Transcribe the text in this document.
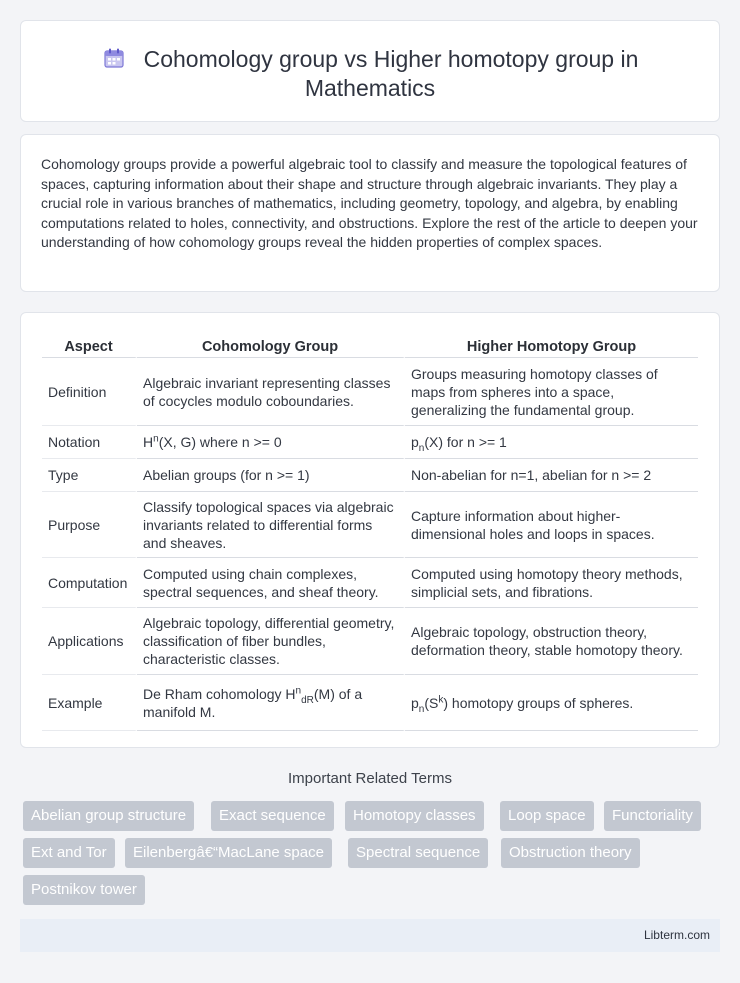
Cohomology group vs Higher homotopy group in
Mathematics

Cohomology groups provide a powerful algebraic tool to classify and measure the topological features of spaces, capturing information about their shape and structure through algebraic invariants. They play a crucial role in various branches of mathematics, including geometry, topology, and algebra, by enabling computations related to holes, connectivity, and obstructions. Explore the rest of the article to deepen your understanding of how cohomology groups reveal the hidden properties of complex spaces.

Aspect	Cohomology Group	Higher Homotopy Group
Definition	Algebraic invariant representing classes of cocycles modulo coboundaries.	Groups measuring homotopy classes of maps from spheres into a space, generalizing the fundamental group.
Notation	$H^n(X$, G) where n >= 0	$p_n(X)$ for n >= 1
Type	Abelian groups (for n >= 1)	Non-abelian for n=1, abelian for n >= 2
Purpose	Classify topological spaces via algebraic invariants related to differential forms and sheaves.	Capture information about higher-dimensional holes and loops in spaces.
Computation	Computed using chain complexes, spectral sequences, and sheaf theory.	Computed using homotopy theory methods, simplicial sets, and fibrations.
Applications	Algebraic topology, differential geometry, classification of fiber bundles, characteristic classes.	Algebraic topology, obstruction theory, deformation theory, stable homotopy theory.
Example	De Rham cohomology $H^n_{dR}(M)$ of a manifold M.	$p_n(S^k)$ homotopy groups of spheres.
Important Related Terms
Abelian group structure	Exact sequence	Homotopy classes	Loop space	Functoriality
Ext and Tor	Eilenbergâ€“MacLane space	Spectral sequence	Obstruction theory
Postnikov tower
Libterm.com
